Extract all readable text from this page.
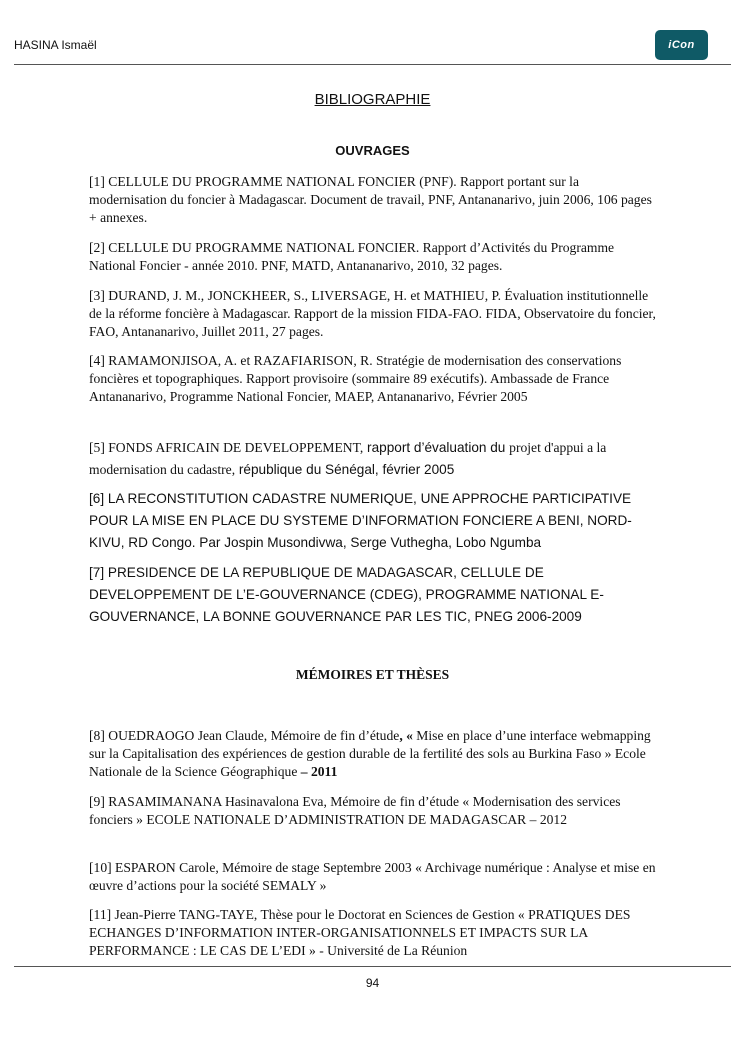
HASINA Ismaël	iCon
BIBLIOGRAPHIE
OUVRAGES

[1] CELLULE DU PROGRAMME NATIONAL FONCIER (PNF). Rapport portant sur la modernisation du foncier à Madagascar. Document de travail, PNF, Antananarivo, juin 2006, 106 pages + annexes.

[2] CELLULE DU PROGRAMME NATIONAL FONCIER. Rapport d’Activités du Programme National Foncier - année 2010. PNF, MATD, Antananarivo, 2010, 32 pages.

[3] DURAND, J. M., JONCKHEER, S., LIVERSAGE, H. et MATHIEU, P. Évaluation institutionnelle de la réforme foncière à Madagascar. Rapport de la mission FIDA-FAO. FIDA, Observatoire du foncier, FAO, Antananarivo, Juillet 2011, 27 pages.

[4] RAMAMONJISOA, A. et RAZAFIARISON, R. Stratégie de modernisation des conservations foncières et topographiques. Rapport provisoire (sommaire 89 exécutifs). Ambassade de France Antananarivo, Programme National Foncier, MAEP, Antananarivo, Février 2005

[5] FONDS AFRICAIN DE DEVELOPPEMENT, rapport d’évaluation du projet d'appui a la modernisation du cadastre, république du Sénégal, février 2005

[6] LA RECONSTITUTION CADASTRE NUMERIQUE, UNE APPROCHE PARTICIPATIVE POUR LA MISE EN PLACE DU SYSTEME D’INFORMATION FONCIERE A BENI, NORD-KIVU, RD Congo. Par Jospin Musondivwa, Serge Vuthegha, Lobo Ngumba

[7] PRESIDENCE DE LA REPUBLIQUE DE MADAGASCAR, CELLULE DE DEVELOPPEMENT DE L’E-GOUVERNANCE (CDEG), PROGRAMME NATIONAL E-GOUVERNANCE, LA BONNE GOUVERNANCE PAR LES TIC, PNEG 2006-2009

MÉMOIRES ET THÈSES

[8] OUEDRAOGO Jean Claude, Mémoire de fin d’étude, « Mise en place d’une interface webmapping sur la Capitalisation des expériences de gestion durable de la fertilité des sols au Burkina Faso » Ecole Nationale de la Science Géographique – 2011

[9] RASAMIMANANA Hasinavalona Eva, Mémoire de fin d’étude « Modernisation des services fonciers » ECOLE NATIONALE D’ADMINISTRATION DE MADAGASCAR – 2012

[10] ESPARON Carole, Mémoire de stage Septembre 2003 « Archivage numérique : Analyse et mise en œuvre d’actions pour la société SEMALY »

[11] Jean-Pierre TANG-TAYE, Thèse pour le Doctorat en Sciences de Gestion « PRATIQUES DES ECHANGES D’INFORMATION INTER-ORGANISATIONNELS ET IMPACTS SUR LA PERFORMANCE : LE CAS DE L’EDI » - Université de La Réunion

94
